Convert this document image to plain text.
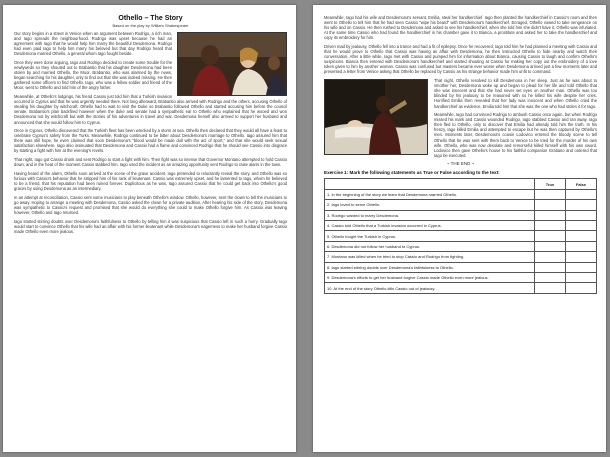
Othello – The Story
Based on the play by William Shakespeare

Our story begins in a street in Venice when an argument between Rodrigo, a rich man, and Iago spreads the neighbourhood. Rodrigo was upset because he had an agreement with Iago that he would help him marry the beautiful Desdemona. Rodrigo had even paid Iago to help him marry his beloved but that day Rodrigo heard that Desdemona married Othello, a general whom Iago fought beside.

Once they were done arguing, Iago and Rodrigo decided to create some trouble for the newlyweds so they shouted out to Brabantio that his daughter Desdemona had been stolen by and married Othello, the Moor. Brabantio, who was alarmed by the news, began searching for his daughter, only to find out that she was indeed missing. He then gathered some officers to find Othello. Iago, who was a fellow soldier and friend of the Moor, went to Othello and told him of the angry father.

Meanwhile, at Othello's lodgings, his friend Cassio just told him that a Turkish invasion occurred in Cyprus and that he was urgently needed there. Not long afterward, Brabantio also arrived with Rodrigo and the others, accusing Othello of stealing his daughter by witchcraft. Othello had to wait to visit the Duke so Brabantio followed Othello and started accusing him before the council senate. Brabantio's plan backfired however when the duke and senate had a sympathetic ear to Othello who explained that he wooed and won Desdemona not by witchcraft but with the stories of his adventures in travel and war. Desdemona herself also arrived to support her husband and announced that she would follow him to Cyprus.

Once in Cyprus, Othello discovered that the Turkish fleet has been wrecked by a storm at sea. Othello then declared that they would all have a feast to celebrate Cyprus's safety from the Turks. Meanwhile, Rodrigo continued to be bitter about Desdemona's marriage to Othello. Iago assured him that there was still hope, he even claimed that soon Desdemona's "blood would be made dull with the act of sport," and that she would seek sexual satisfaction elsewhere. Iago also insinuated that Desdemona and Cassio had a flame and convinced Rodrigo that he should see Cassio into disgrace by starting a fight with him at the evening's revels.

That night, Iago got Cassio drunk and sent Rodrigo to start a fight with him. Their fight was so intense that Governor Montano attempted to hold Cassio down, and in the heat of the moment Cassio stabbed him. Iago used the incident as an amazing opportunity sent Rodrigo to raise alarm in the town.

Having heard of the alarm, Othello soon arrived at the scene of the grave accident. Iago pretended to reluctantly reveal the story, and Othello was so furious with Cassio's behavior that he stripped him of his rank of lieutenant. Cassio was extremely upset, and he lamented to Iago, whom he believed to be a friend, that his reputation had been ruined forever. Duplicitous as he was, Iago assured Cassio that he could get back into Othello's good graces by using Desdemona as an intermediary.

In an attempt at reconciliation, Cassio sent some musicians to play beneath Othello's window. Othello, however, sent the clown to tell the musicians to go away. Hoping to arrange a meeting with Desdemona, Cassio asked the clown for a private audition. After hearing his side of the story, Desdemona was sympathetic to Cassio's request and promised that she would do everything she could to make Othello forgive him. As Cassio was leaving however, Othello and Iago returned.

Iago started stirring doubts over Desdemona's faithfulness to Othello by telling him it was suspicious that Cassio left in such a hurry. Gradually Iago would start to convince Othello that his wife had an affair with his former lieutenant while Desdemona's eagerness to make her husband forgive Cassio made Othello even more jealous.

Meanwhile, Iago had his wife and Desdemona's servant, Emilia, steal her handkerchief. Iago then planted the handkerchief in Cassio's room and then went to Othello to tell him that he had seen Cassio "wipe his beard" with Desdemona's handkerchief. Enraged, Othello vowed to take vengeance on his wife and on Cassio. He then rushed to Desdemona and asked to see his handkerchief, when she told him she didn't have it, Othello was infuriated. At the same time Cassio who had found the handkerchief in his chamber gave it to Bianca, a prostitute and asked her to take the handkerchief and copy its embroidery for him.

Driven mad by jealousy, Othello fell into a trance and had a fit of epilepsy. Once he recovered, Iago told him he had planned a meeting with Cassio and that he would prove to Othello that Cassio was having an affair with Desdemona, he then instructed Othello to hide nearby and watch their conversation. After a little while, Iago met with Cassio and pumped him for information about Bianca, causing Cassio to laugh and confirm Othello's suspicions. Bianca then entered with Desdemona's handkerchief and started shouting at Cassio for making her copy out the embroidery of a love token given to him by another woman. Cassio was confused but masters became ever worse when Desdemona arrived just a few moments later and presented a letter from Venice asking that Othello be replaced by Cassio as his strange behavior made him unfit to command.

That night, Othello resolved to kill Desdemona in her sleep. Just as he was about to smother her, Desdemona woke up and began to plead for her life and told Othello that she was innocent and that she had never set eyes on another man. Othello was too blinded by his jealousy to be reasoned with so he killed his wife despite her cries. Horrified Emilia then revealed that her lady was innocent and when Othello cried the handkerchief as evidence, Emilia told him that she was the one who had stolen it for Iago.

Meanwhile, Iago had convinced Rodrigo to ambush Cassio once again, but when Rodrigo missed his mark and Cassio wounded Rodrigo, Iago stabbed Cassio and ran away. Iago then fled to Othello, only to discover that Emilia had already told him the truth. In his frenzy, Iago killed Emilia and attempted to escape but he was then captured by Othello's men. Moments later, Desdemona's cousin Lodovico entered the bloody scene to tell Othello that he was sent with them back to Venice to be tried for the murder of his own wife. Othello, who was now desolate and remorseful killed himself with his own sword. Lodovico then gave Othello's house to his faithful companion Gratiano and ordered that Iago be executed.

~ THE END ~
Exercise 1: Mark the following statements as True or False according to the text:
	True	False
1. In the beginning of the story we learn that Desdemona married Othello.		
2. Iago loved to serve Othello.		
3. Rodrigo wanted to marry Desdemona.		
4. Cassio told Othello that a Turkish invasion occurred in Cyprus.		
5. Othello fought the Turkish in Cyprus.		
6. Desdemona did not follow her husband to Cyprus.		
7. Montano was killed when he tried to stop Cassio and Rodrigo from fighting.		
8. Iago started stirring doubts over Desdemona's faithfulness to Othello.		
9. Desdemona's efforts to get her husband forgive Cassio made Othello even more jealous.		
10. At the end of the story Othello kills Cassio out of jealousy.		
